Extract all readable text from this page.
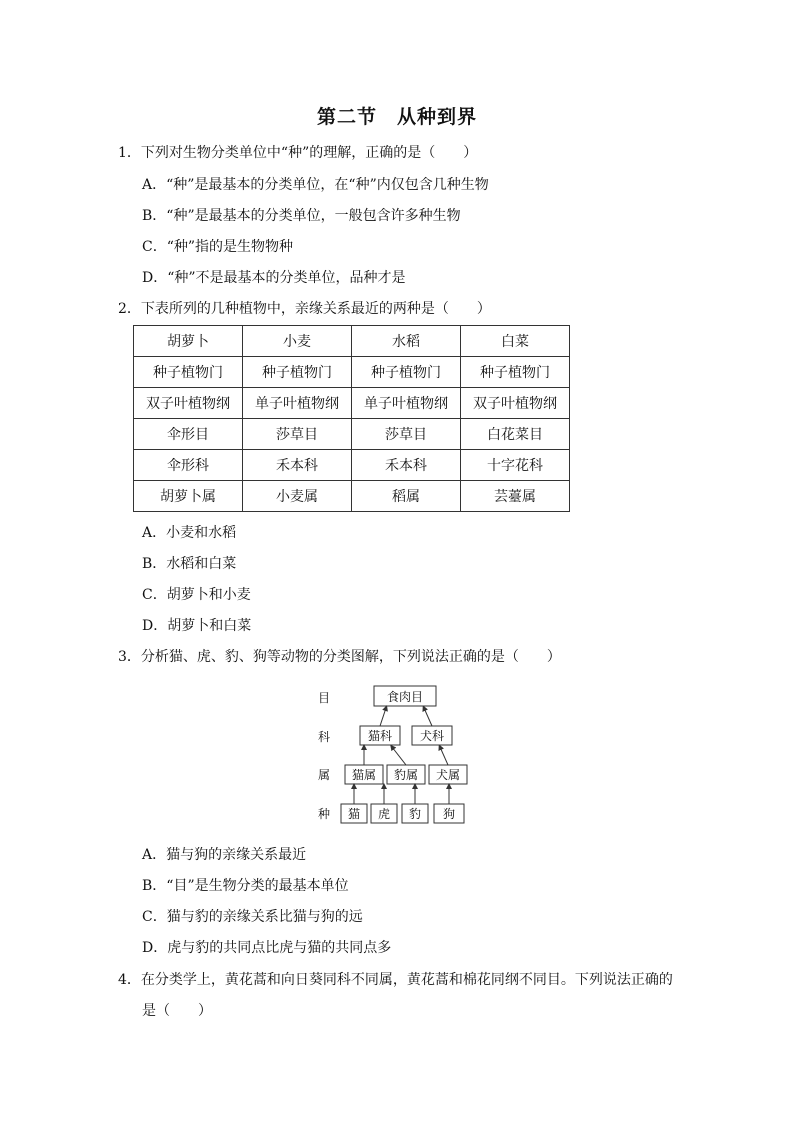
第二节　从种到界
1．下列对生物分类单位中“种”的理解，正确的是（　　）
A．“种”是最基本的分类单位，在“种”内仅包含几种生物
B．“种”是最基本的分类单位，一般包含许多种生物
C．“种”指的是生物物种
D．“种”不是最基本的分类单位，品种才是
2．下表所列的几种植物中，亲缘关系最近的两种是（　　）
胡萝卜	小麦	水稻	白菜
种子植物门	种子植物门	种子植物门	种子植物门
双子叶植物纲	单子叶植物纲	单子叶植物纲	双子叶植物纲
伞形目	莎草目	莎草目	白花菜目
伞形科	禾本科	禾本科	十字花科
胡萝卜属	小麦属	稻属	芸薹属
A．小麦和水稻
B．水稻和白菜
C．胡萝卜和小麦
D．胡萝卜和白菜
3．分析猫、虎、豹、狗等动物的分类图解，下列说法正确的是（　　）
目
科
属
种
食肉目
猫科 犬科
猫属 豹属 犬属
猫 虎 豹 狗
A．猫与狗的亲缘关系最近
B．“目”是生物分类的最基本单位
C．猫与豹的亲缘关系比猫与狗的远
D．虎与豹的共同点比虎与猫的共同点多
4．在分类学上，黄花蒿和向日葵同科不同属，黄花蒿和棉花同纲不同目。下列说法正确的
是（　　）
